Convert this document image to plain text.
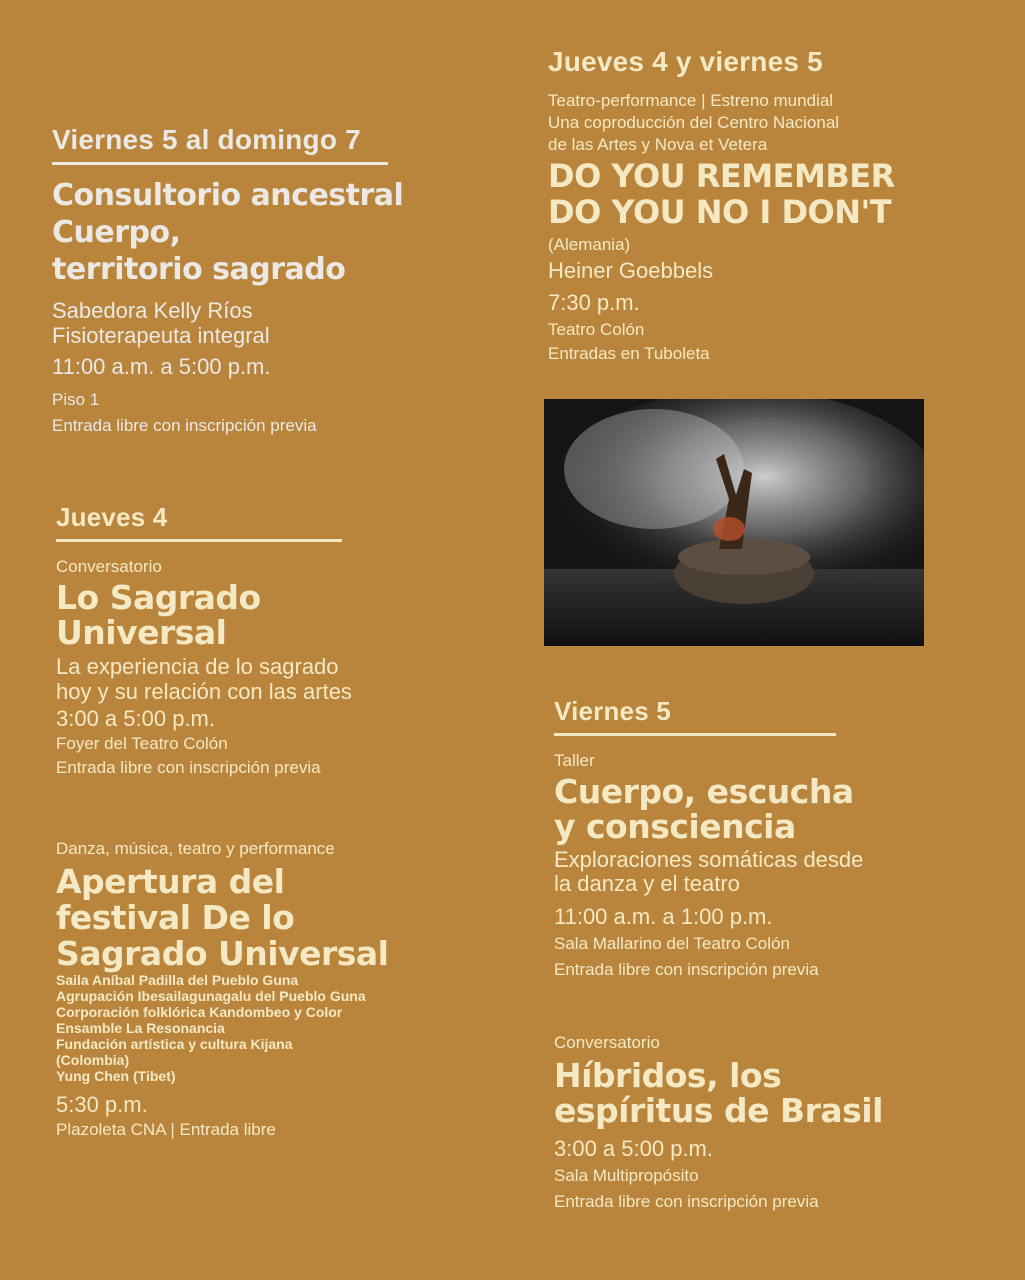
Viernes 5 al domingo 7
Consultorio ancestral
Cuerpo,
territorio sagrado
Sabedora Kelly Ríos
Fisioterapeuta integral
11:00 a.m. a 5:00 p.m.
Piso 1
Entrada libre con inscripción previa
Jueves 4
Conversatorio
Lo Sagrado
Universal
La experiencia de lo sagrado
hoy y su relación con las artes
3:00 a 5:00 p.m.
Foyer del Teatro Colón
Entrada libre con inscripción previa
Danza, música, teatro y performance
Apertura del
festival De lo
Sagrado Universal
Saila Aníbal Padilla del Pueblo Guna
Agrupación Ibesailagunagalu del Pueblo Guna
Corporación folklórica Kandombeo y Color
Ensamble La Resonancia
Fundación artística y cultura Kijana
(Colombia)
Yung Chen (Tibet)
5:30 p.m.
Plazoleta CNA | Entrada libre
Jueves 4 y viernes 5
Teatro-performance | Estreno mundial
Una coproducción del Centro Nacional
de las Artes y Nova et Vetera
DO YOU REMEMBER
DO YOU NO I DON'T
(Alemania)
Heiner Goebbels
7:30 p.m.
Teatro Colón
Entradas en Tuboleta
Viernes 5
Taller
Cuerpo, escucha
y consciencia
Exploraciones somáticas desde
la danza y el teatro
11:00 a.m. a 1:00 p.m.
Sala Mallarino del Teatro Colón
Entrada libre con inscripción previa
Conversatorio
Híbridos, los
espíritus de Brasil
3:00 a 5:00 p.m.
Sala Multipropósito
Entrada libre con inscripción previa
